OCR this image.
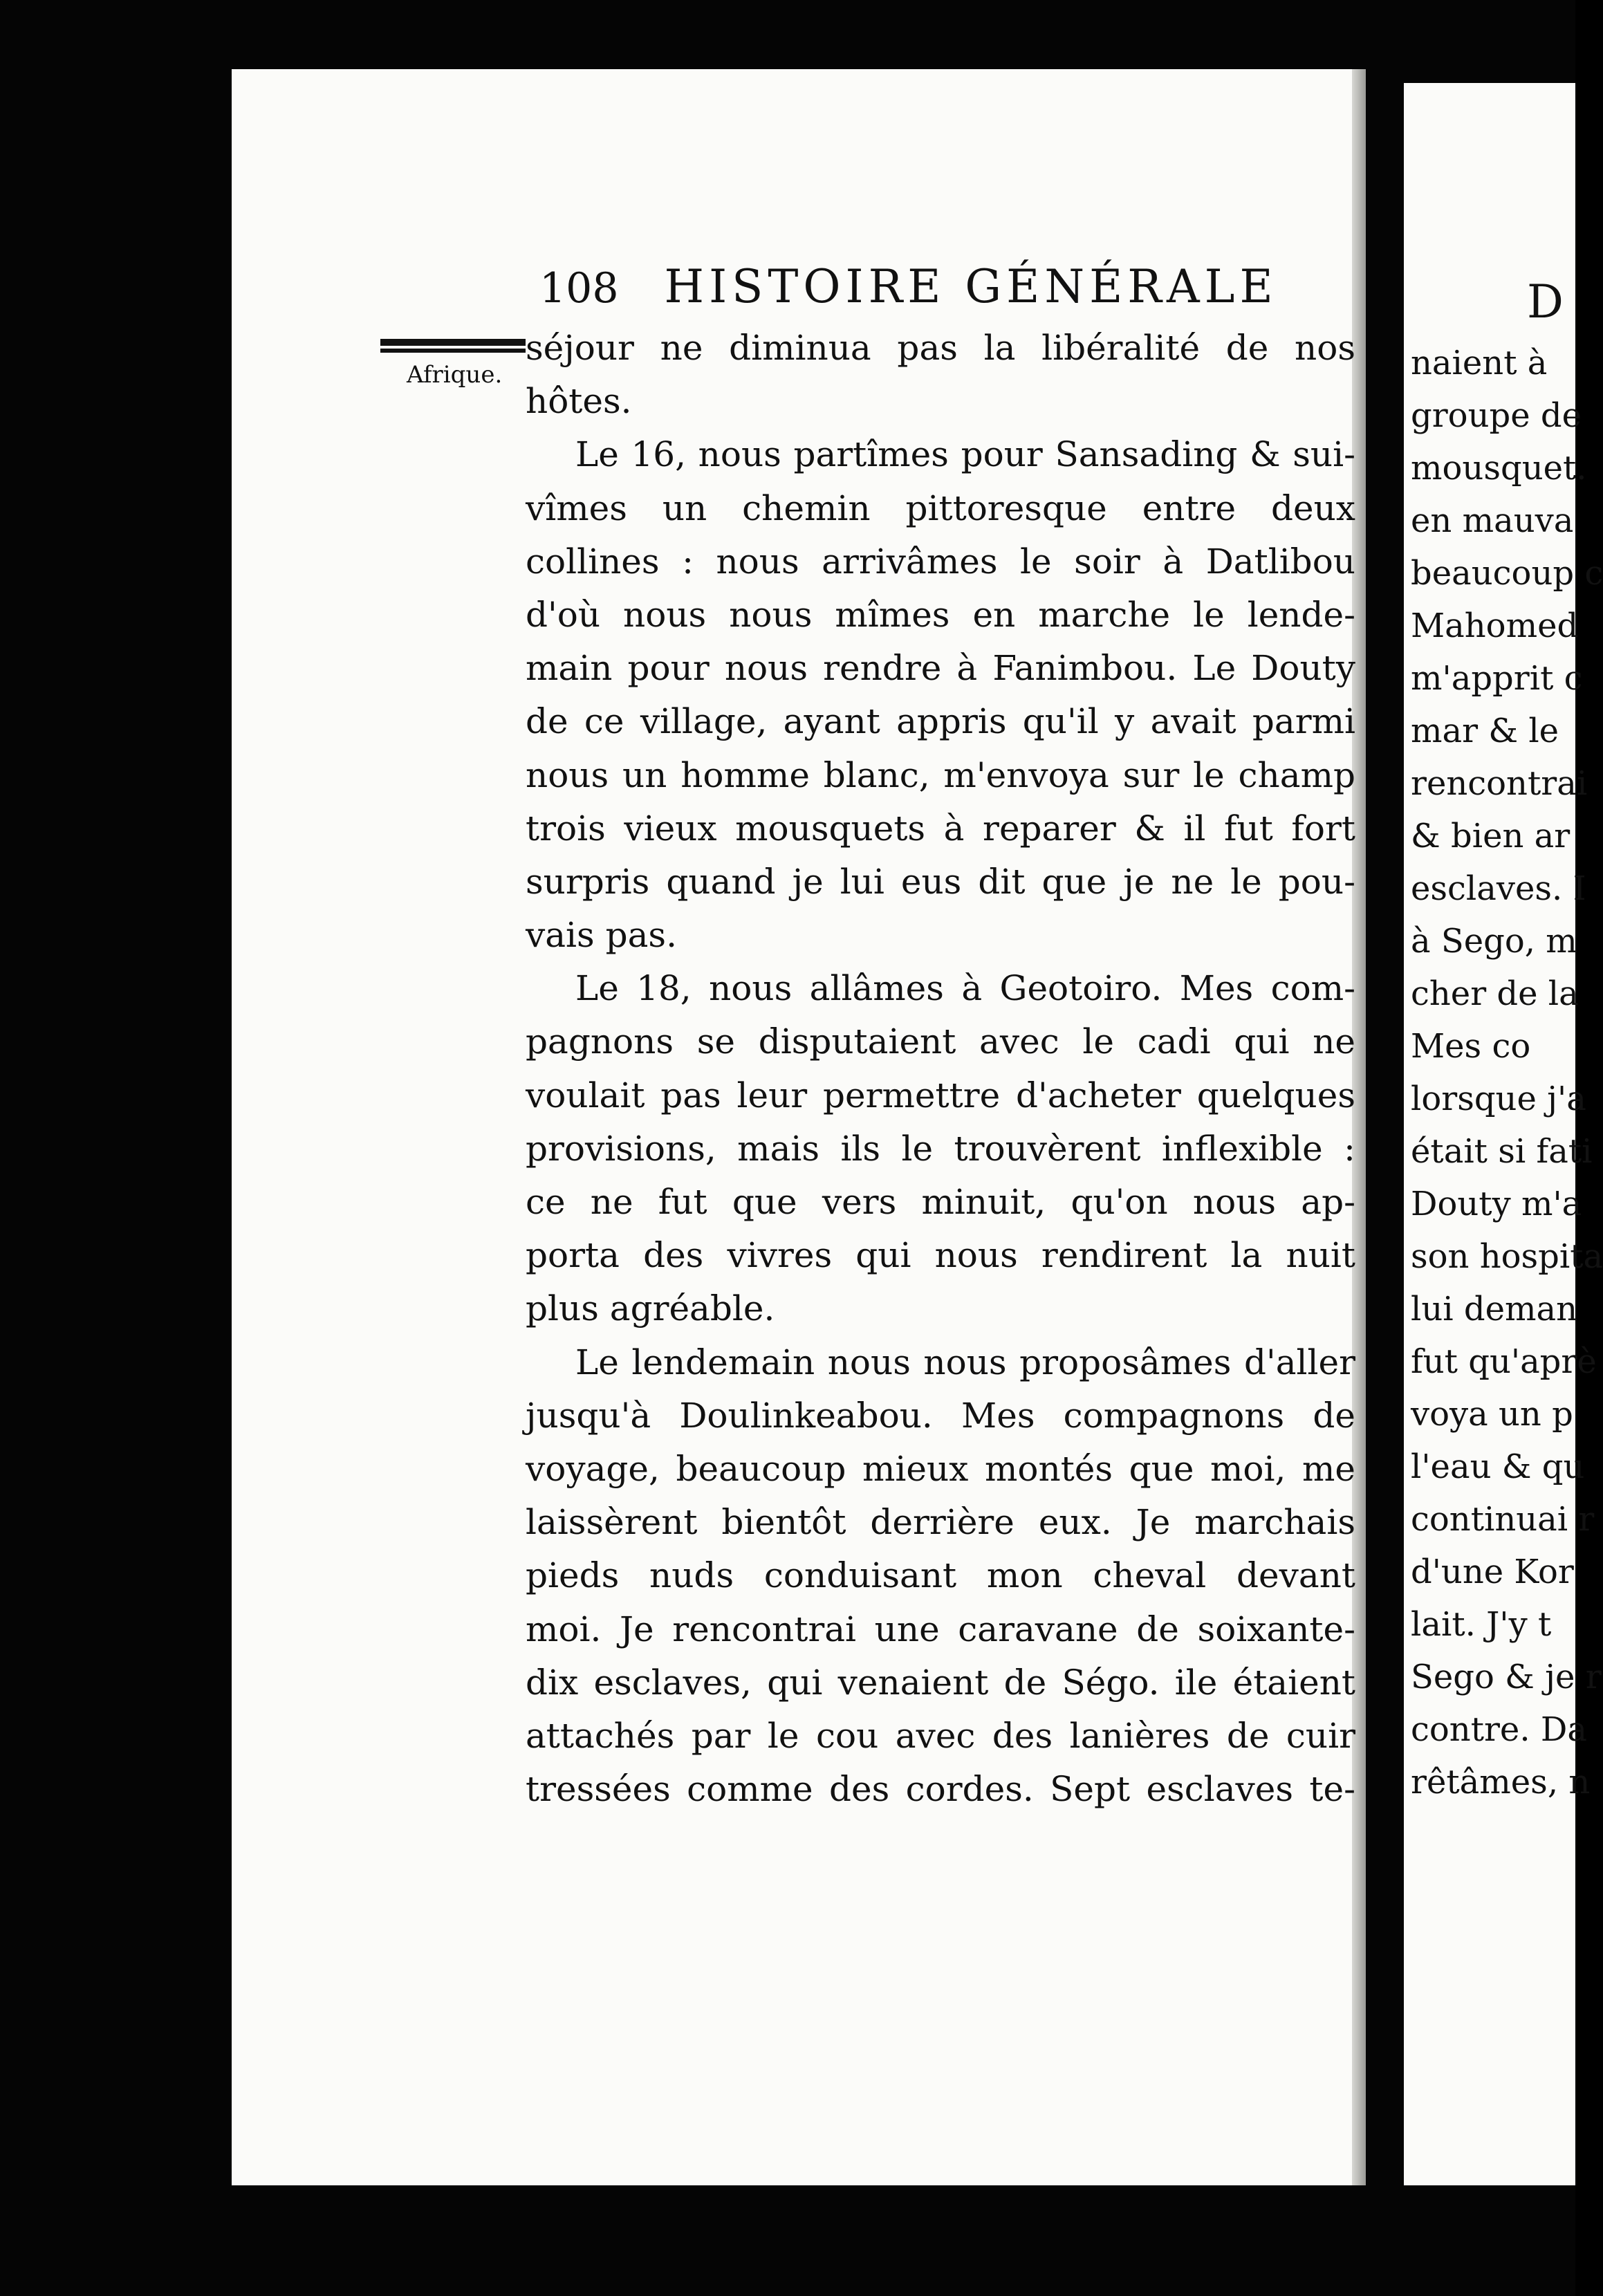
108 HISTOIRE GÉNÉRALE
Afrique.
séjour ne diminua pas la libéralité de nos
hôtes.
Le 16, nous partîmes pour Sansading & sui-
vîmes un chemin pittoresque entre deux
collines : nous arrivâmes le soir à Datlibou
d'où nous nous mîmes en marche le lende-
main pour nous rendre à Fanimbou. Le Douty
de ce village, ayant appris qu'il y avait parmi
nous un homme blanc, m'envoya sur le champ
trois vieux mousquets à reparer & il fut fort
surpris quand je lui eus dit que je ne le pou-
vais pas.
Le 18, nous allâmes à Geotoiro. Mes com-
pagnons se disputaient avec le cadi qui ne
voulait pas leur permettre d'acheter quelques
provisions, mais ils le trouvèrent inflexible :
ce ne fut que vers minuit, qu'on nous ap-
porta des vivres qui nous rendirent la nuit
plus agréable.
Le lendemain nous nous proposâmes d'aller
jusqu'à Doulinkeabou. Mes compagnons de
voyage, beaucoup mieux montés que moi, me
laissèrent bientôt derrière eux. Je marchais
pieds nuds conduisant mon cheval devant
moi. Je rencontrai une caravane de soixante-
dix esclaves, qui venaient de Ségo. ile étaient
attachés par le cou avec des lanières de cuir
tressées comme des cordes. Sept esclaves te-
D
naient à
groupe de
mousquet.
en mauva
beaucoup c
Mahomed
m'apprit c
mar & le
rencontrai
& bien ar
esclaves. I
à Sego, m
cher de la
Mes co
lorsque j'a
était si fati
Douty m'a
son hospita
lui deman
fut qu'aprè
voya un p
l'eau & qu
continuai r
d'une Kor
lait. J'y t
Sego & je r
contre. Da
rêtâmes, n
